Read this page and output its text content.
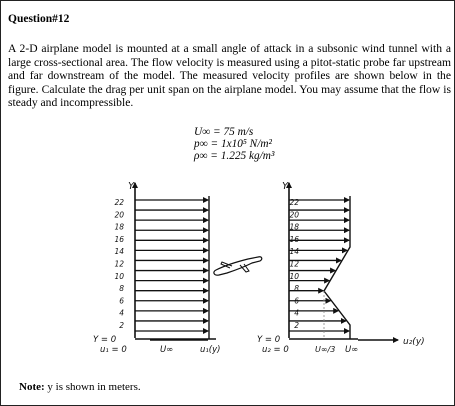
Question#12
A 2-D airplane model is mounted at a small angle of attack in a subsonic wind tunnel with a large cross-sectional area. The flow velocity is measured using a pitot-static probe far upstream and far downstream of the model. The measured velocity profiles are shown below in the figure. Calculate the drag per unit span on the airplane model. You may assume that the flow is steady and incompressible.
U∞ = 75 m/s
p∞ = 1x10⁵ N/m²
ρ∞ = 1.225 kg/m³
Y
22
20
18
16
14
12
10
8
6
4
2
Y = 0
u₁ = 0	U∞	u₁(y)
Y
22
20
18
16
14
12
10
8
6
4
2
Y = 0
u₂ = 0	U∞/3 U∞
u₂(y)
Note: y is shown in meters.
